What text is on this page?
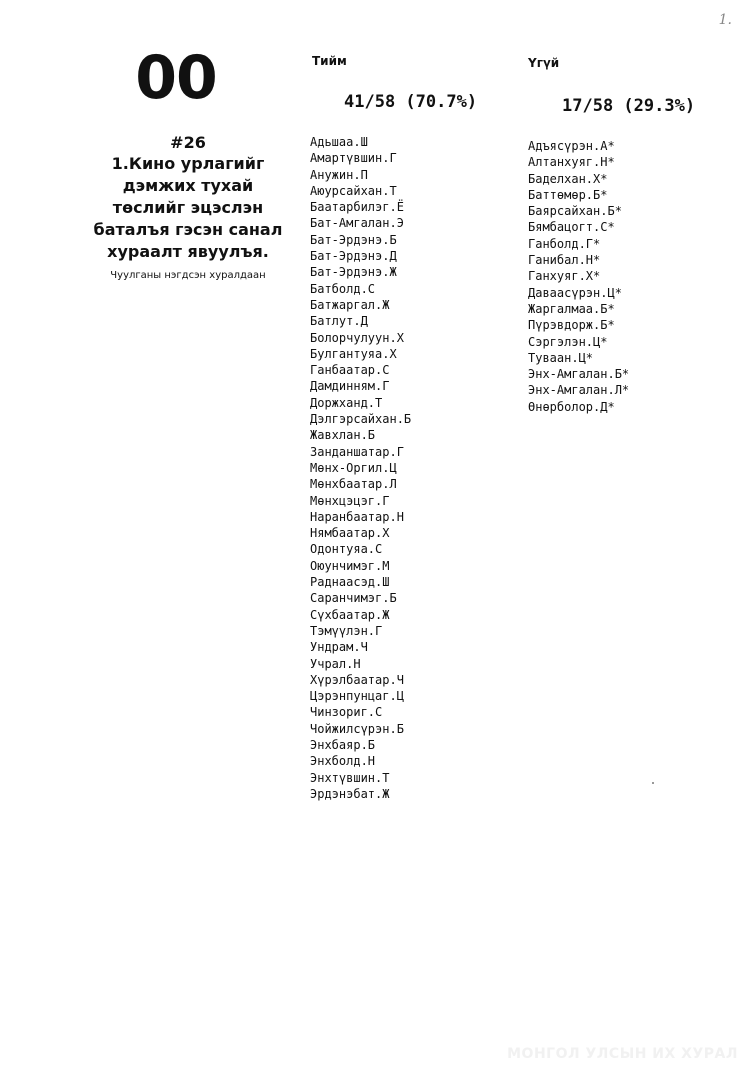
1.
00
#26
1.Кино урлагийг дэмжих тухай төслийг эцэслэн баталъя гэсэн санал хураалт явуулъя.
Чуулганы нэгдсэн хуралдаан
Тийм
41/58 (70.7%)
Адьшаа.Ш
Амартүвшин.Г
Анужин.П
Аюурсайхан.Т
Баатарбилэг.Ё
Бат-Амгалан.Э
Бат-Эрдэнэ.Б
Бат-Эрдэнэ.Д
Бат-Эрдэнэ.Ж
Батболд.С
Батжаргал.Ж
Батлут.Д
Болорчулуун.Х
Булгантуяа.Х
Ганбаатар.С
Дамдинням.Г
Доржханд.Т
Дэлгэрсайхан.Б
Жавхлан.Б
Занданшатар.Г
Мөнх-Оргил.Ц
Мөнхбаатар.Л
Мөнхцэцэг.Г
Наранбаатар.Н
Нямбаатар.Х
Одонтуяа.С
Оюунчимэг.М
Раднаасэд.Ш
Саранчимэг.Б
Сүхбаатар.Ж
Тэмүүлэн.Г
Ундрам.Ч
Учрал.Н
Хүрэлбаатар.Ч
Цэрэнпунцаг.Ц
Чинзориг.С
Чойжилсүрэн.Б
Энхбаяр.Б
Энхболд.Н
Энхтүвшин.Т
Эрдэнэбат.Ж
Үгүй
17/58 (29.3%)
Адъясүрэн.А*
Алтанхуяг.Н*
Баделхан.Х*
Баттөмөр.Б*
Баярсайхан.Б*
Бямбацогт.С*
Ганболд.Г*
Ганибал.Н*
Ганхуяг.Х*
Даваасүрэн.Ц*
Жаргалмаа.Б*
Пүрэвдорж.Б*
Сэргэлэн.Ц*
Туваан.Ц*
Энх-Амгалан.Б*
Энх-Амгалан.Л*
Өнөрболор.Д*
МОНГОЛ УЛСЫН ИХ ХУРАЛ
